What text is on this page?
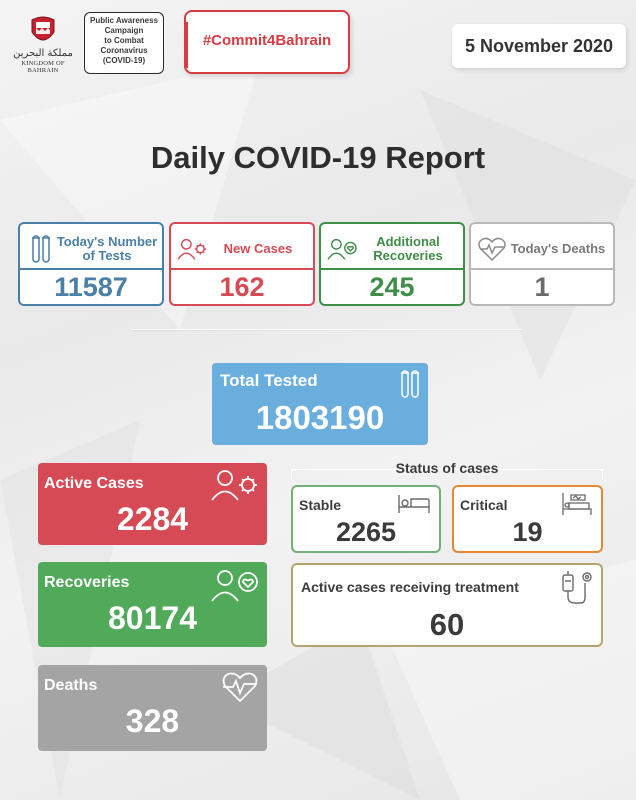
مملكة البحرين
KINGDOM OF BAHRAIN
Public Awareness
Campaign
to Combat
Coronavirus
(COVID-19)
#Commit4Bahrain	5 November 2020
Daily COVID-19 Report
Today's Number of Tests
11587
New Cases
162
Additional Recoveries
245
Today's Deaths
1
Total Tested
1803190
Active Cases
2284
Recoveries
80174
Deaths
328
Status of cases
Stable
2265
Critical
19
Active cases receiving treatment
60
